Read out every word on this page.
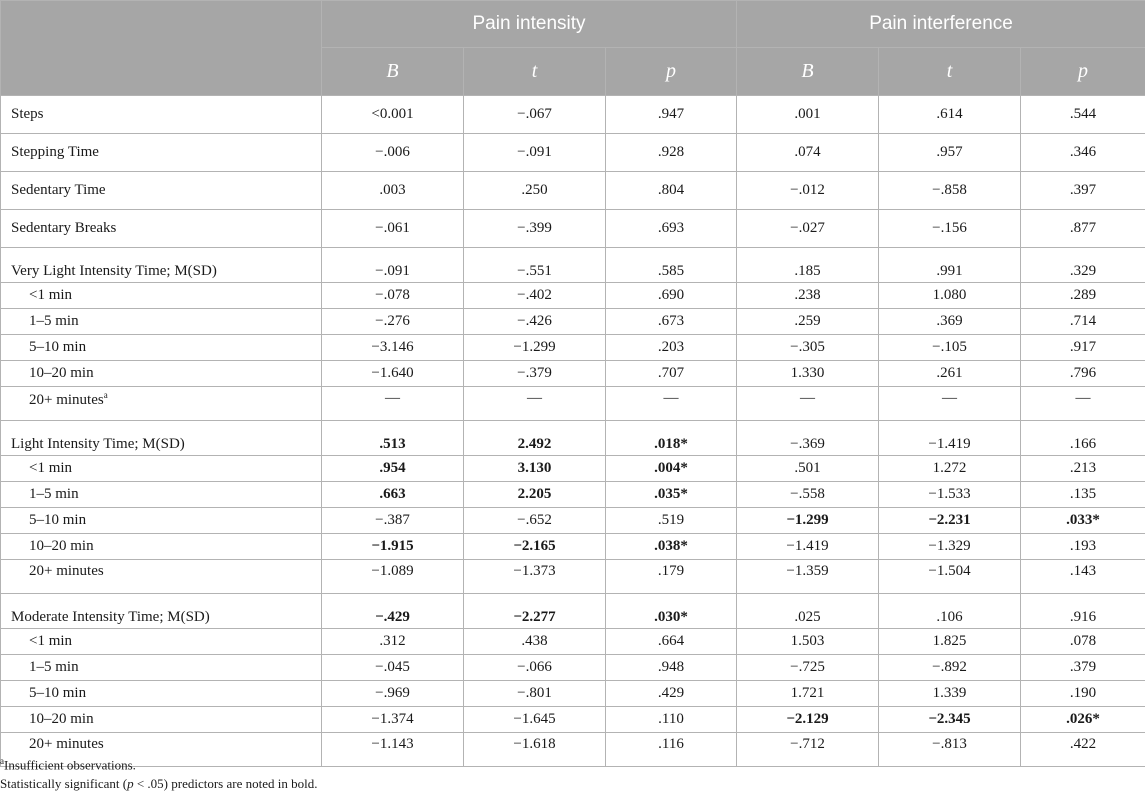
	Pain intensity			Pain interference		
	B	t	p	B	t	p
Steps	<0.001	−.067	.947	.001	.614	.544
Stepping Time	−.006	−.091	.928	.074	.957	.346
Sedentary Time	.003	.250	.804	−.012	−.858	.397
Sedentary Breaks	−.061	−.399	.693	−.027	−.156	.877
Very Light Intensity Time; M(SD)	−.091	−.551	.585	.185	.991	.329
<1 min	−.078	−.402	.690	.238	1.080	.289
1–5 min	−.276	−.426	.673	.259	.369	.714
5–10 min	−3.146	−1.299	.203	−.305	−.105	.917
10–20 min	−1.640	−.379	.707	1.330	.261	.796
20+ minutes$^a$	—	—	—	—	—	—
Light Intensity Time; M(SD)	.513	2.492	.018*	−.369	−1.419	.166
<1 min	.954	3.130	.004*	.501	1.272	.213
1–5 min	.663	2.205	.035*	−.558	−1.533	.135
5–10 min	−.387	−.652	.519	−1.299	−2.231	.033*
10–20 min	−1.915	−2.165	.038*	−1.419	−1.329	.193
20+ minutes	−1.089	−1.373	.179	−1.359	−1.504	.143
Moderate Intensity Time; M(SD)	−.429	−2.277	.030*	.025	.106	.916
<1 min	.312	.438	.664	1.503	1.825	.078
1–5 min	−.045	−.066	.948	−.725	−.892	.379
5–10 min	−.969	−.801	.429	1.721	1.339	.190
10–20 min	−1.374	−1.645	.110	−2.129	−2.345	.026*
20+ minutes	−1.143	−1.618	.116	−.712	−.813	.422

$^a$Insufficient observations.

Statistically significant (p < .05) predictors are noted in bold.
